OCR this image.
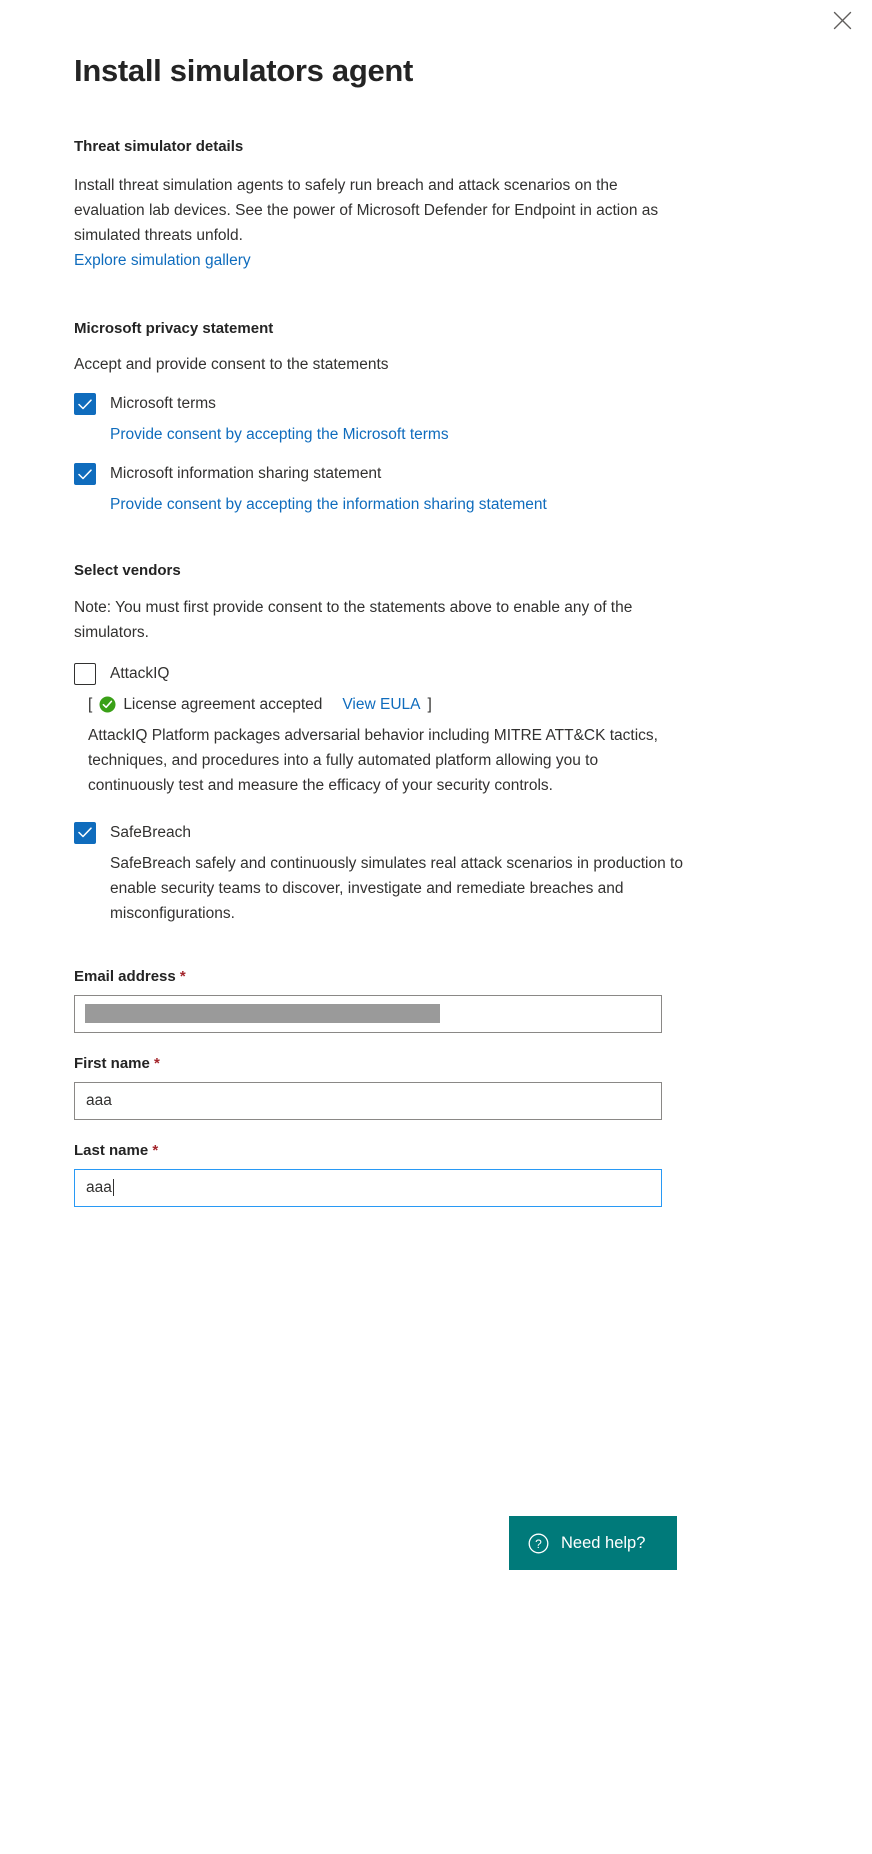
Install simulators agent
Threat simulator details

Install threat simulation agents to safely run breach and attack scenarios on the evaluation lab devices. See the power of Microsoft Defender for Endpoint in action as simulated threats unfold.

Explore simulation gallery
Microsoft privacy statement

Accept and provide consent to the statements

Microsoft terms
Provide consent by accepting the Microsoft terms
Microsoft information sharing statement
Provide consent by accepting the information sharing statement
Select vendors

Note: You must first provide consent to the statements above to enable any of the simulators.

AttackIQ
[ License agreement accepted View EULA ]
AttackIQ Platform packages adversarial behavior including MITRE ATT&CK tactics, techniques, and procedures into a fully automated platform allowing you to continuously test and measure the efficacy of your security controls.
SafeBreach
SafeBreach safely and continuously simulates real attack scenarios in production to enable security teams to discover, investigate and remediate breaches and misconfigurations.
Email address *
First name *
aaa
Last name *
aaa
? Need help?
